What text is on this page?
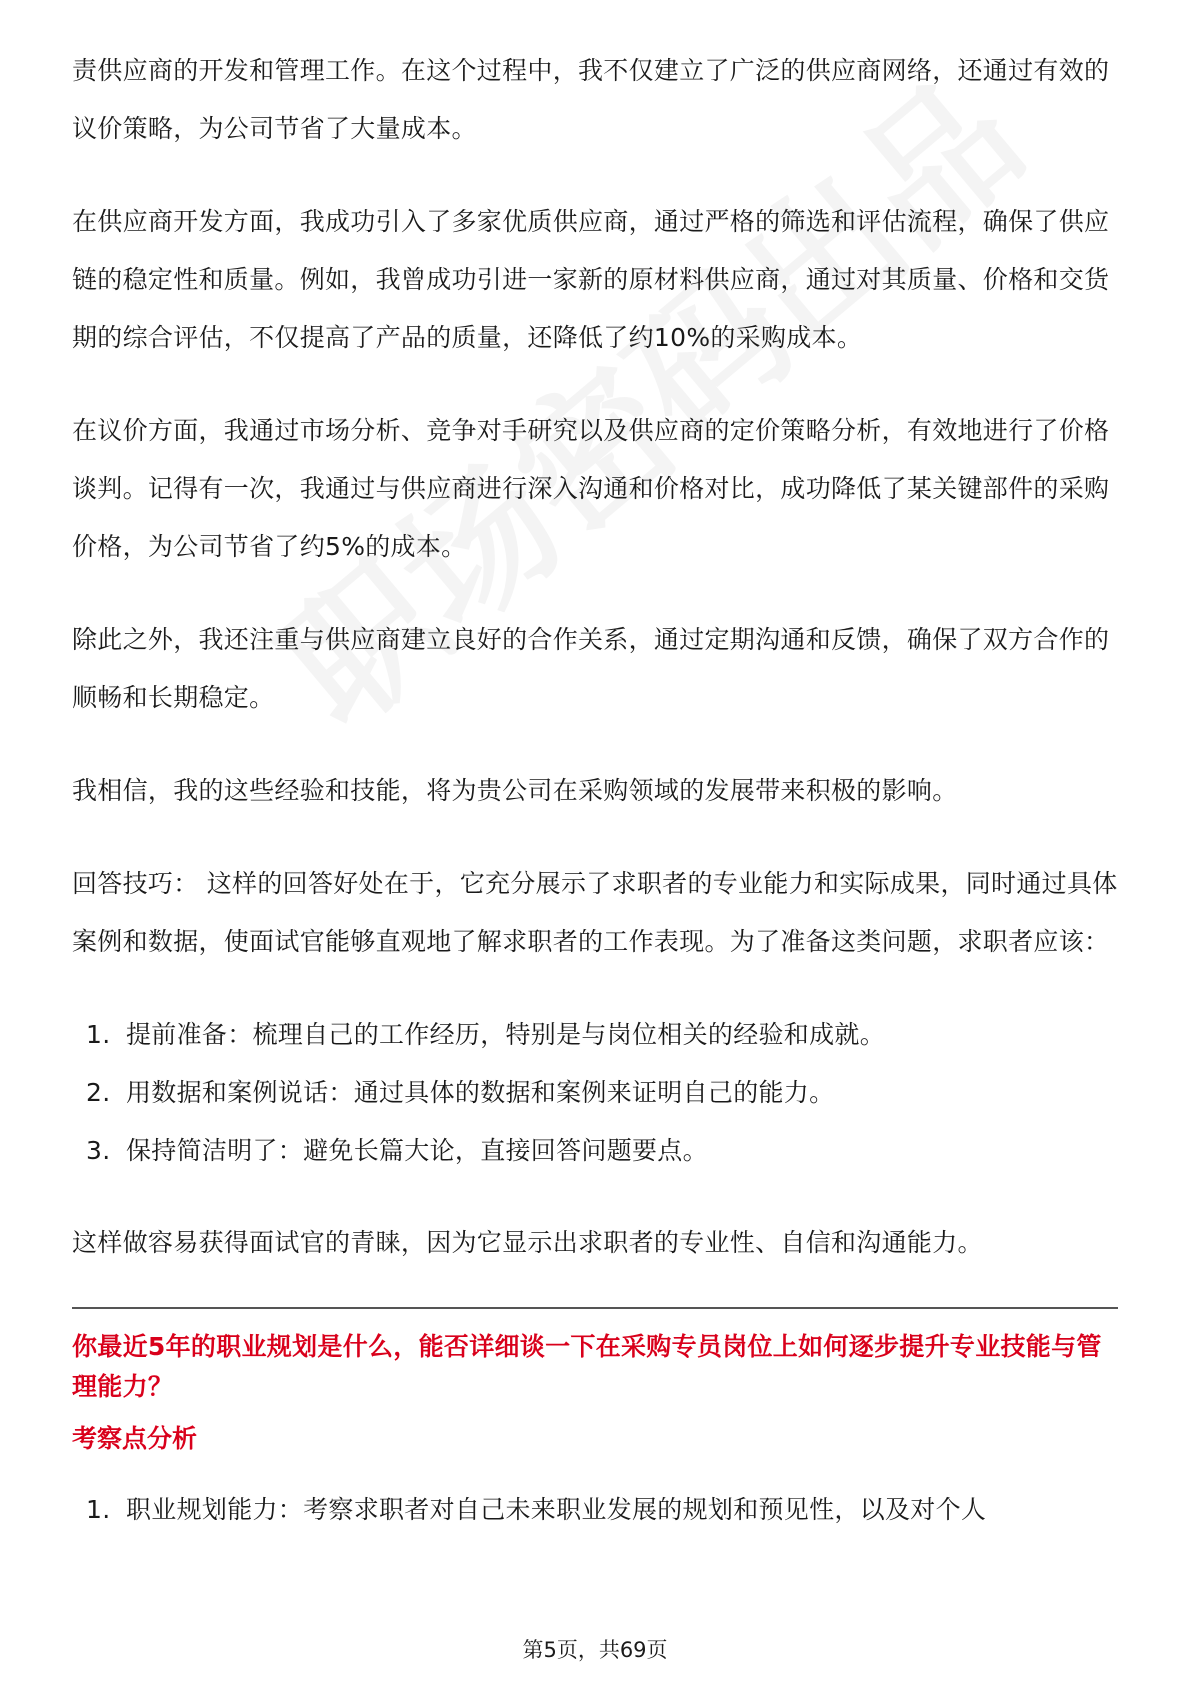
责供应商的开发和管理工作。在这个过程中，我不仅建立了广泛的供应商网络，还通过有效的议价策略，为公司节省了大量成本。

在供应商开发方面，我成功引入了多家优质供应商，通过严格的筛选和评估流程，确保了供应链的稳定性和质量。例如，我曾成功引进一家新的原材料供应商，通过对其质量、价格和交货期的综合评估，不仅提高了产品的质量，还降低了约10%的采购成本。

在议价方面，我通过市场分析、竞争对手研究以及供应商的定价策略分析，有效地进行了价格谈判。记得有一次，我通过与供应商进行深入沟通和价格对比，成功降低了某关键部件的采购价格，为公司节省了约5%的成本。

除此之外，我还注重与供应商建立良好的合作关系，通过定期沟通和反馈，确保了双方合作的顺畅和长期稳定。

我相信，我的这些经验和技能，将为贵公司在采购领域的发展带来积极的影响。

回答技巧： 这样的回答好处在于，它充分展示了求职者的专业能力和实际成果，同时通过具体案例和数据，使面试官能够直观地了解求职者的工作表现。为了准备这类问题，求职者应该：

1. 提前准备：梳理自己的工作经历，特别是与岗位相关的经验和成就。
2. 用数据和案例说话：通过具体的数据和案例来证明自己的能力。
3. 保持简洁明了：避免长篇大论，直接回答问题要点。

这样做容易获得面试官的青睐，因为它显示出求职者的专业性、自信和沟通能力。

你最近5年的职业规划是什么，能否详细谈一下在采购专员岗位上如何逐步提升专业技能与管理能力？
考察点分析
1. 职业规划能力：考察求职者对自己未来职业发展的规划和预见性，以及对个人
第5页，共69页
